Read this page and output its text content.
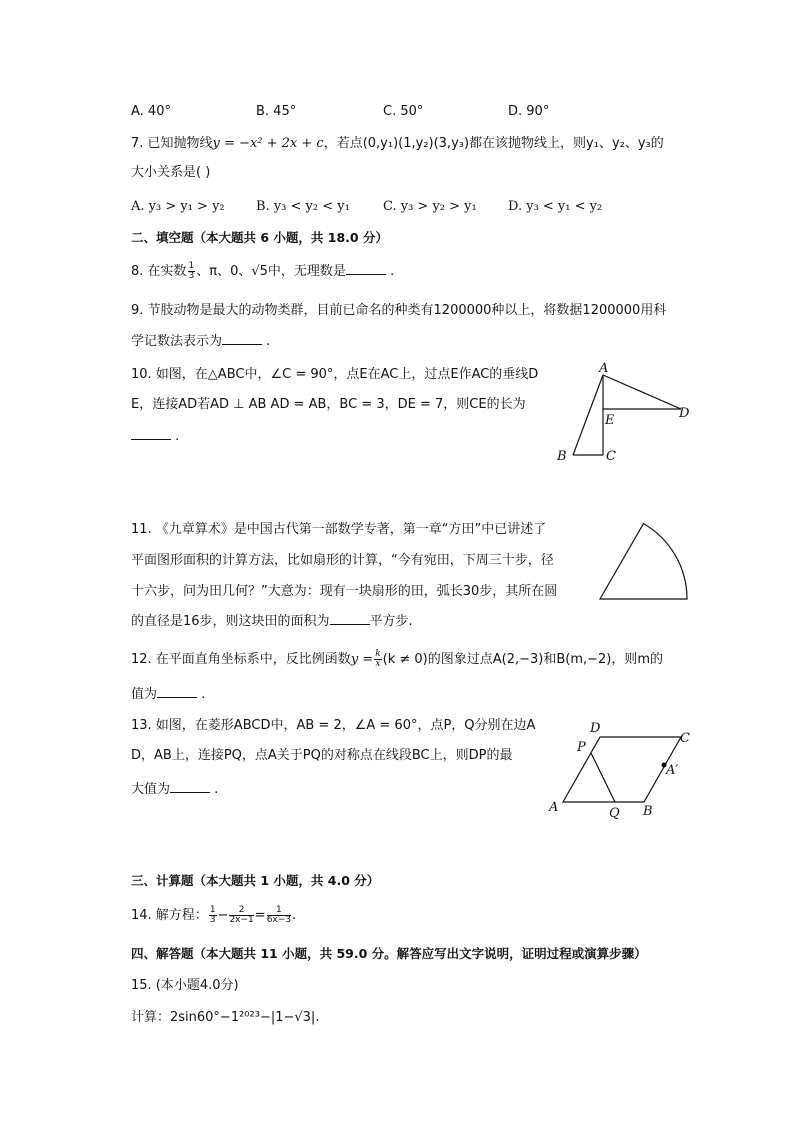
A. 40°	B. 45°	C. 50°	D. 90°
7. 已知抛物线y = −x² + 2x + c，若点(0,y₁)(1,y₂)(3,y₃)都在该抛物线上，则y₁、y₂、y₃的
大小关系是( )
A. y₃ > y₁ > y₂ B. y₃ < y₂ < y₁	C. y₃ > y₂ > y₁ D. y₃ < y₁ < y₂
二、填空题（本大题共 6 小题，共 18.0 分）
8. 在实数 $\frac{1}{3}$ 、π、0、√5中，无理数是	.
9. 节肢动物是最大的动物类群，目前已命名的种类有1200000种以上，将数据1200000用科
学记数法表示为	.
10. 如图，在△ABC中，∠C = 90°，点E在AC上，过点E作AC的垂线D
E，连接AD若AD ⊥ AB AD = AB，BC = 3，DE = 7，则CE的长为
.
A
B	C
D
E
11. 《九章算术》是中国古代第一部数学专著，第一章“方田”中已讲述了
平面图形面积的计算方法，比如扇形的计算，“今有宛田，下周三十步，径
十六步，问为田几何？”大意为：现有一块扇形的田，弧长30步，其所在圆
的直径是16步，则这块田的面积为	平方步.
12. 在平面直角坐标系中，反比例函数$y = \frac{k}{x} (k \ne 0)$的图象过点A(2,−3)和B(m,−2)，则m的
值为	.
13. 如图，在菱形ABCD中，AB = 2，∠A = 60°，点P，Q分别在边A
D，AB上，连接PQ，点A关于PQ的对称点在线段BC上，则DP的最
大值为	.
A	B
C
D
P
Q
A′
三、计算题（本大题共 1 小题，共 4.0 分）
14. 解方程： $\frac{1}{3} - \frac{2}{2x-1} = \frac{1}{6x-3}$ .
四、解答题（本大题共 11 小题，共 59.0 分。解答应写出文字说明，证明过程或演算步骤）
15. (本小题4.0分)
计算：2sin60°−1²⁰²³−|1−√3|.
